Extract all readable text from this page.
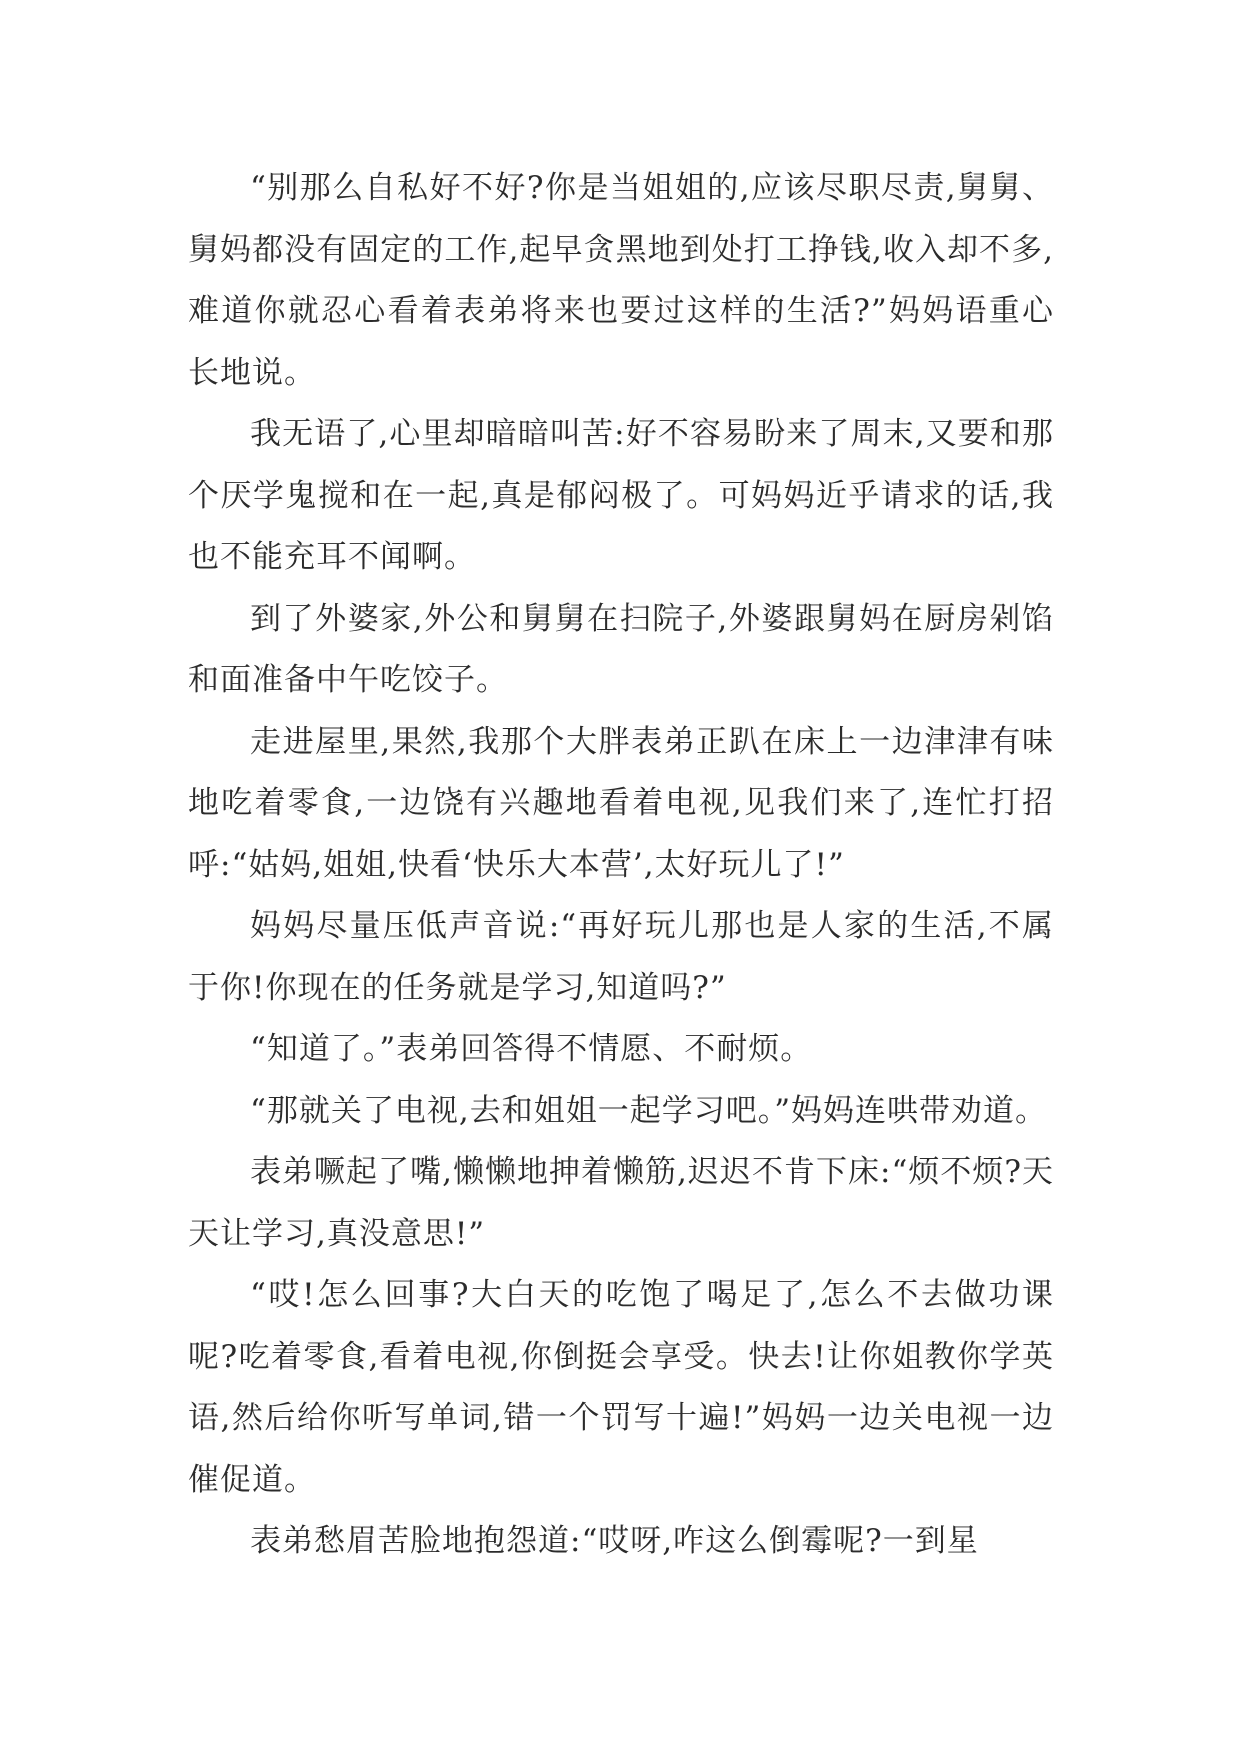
“别那么自私好不好?你是当姐姐的,应该尽职尽责,舅舅、舅妈都没有固定的工作,起早贪黑地到处打工挣钱,收入却不多,难道你就忍心看着表弟将来也要过这样的生活?”妈妈语重心长地说。

我无语了,心里却暗暗叫苦:好不容易盼来了周末,又要和那个厌学鬼搅和在一起,真是郁闷极了。可妈妈近乎请求的话,我也不能充耳不闻啊。

到了外婆家,外公和舅舅在扫院子,外婆跟舅妈在厨房剁馅和面准备中午吃饺子。

走进屋里,果然,我那个大胖表弟正趴在床上一边津津有味地吃着零食,一边饶有兴趣地看着电视,见我们来了,连忙打招呼:“姑妈,姐姐,快看‘快乐大本营’,太好玩儿了!”

妈妈尽量压低声音说:“再好玩儿那也是人家的生活,不属于你!你现在的任务就是学习,知道吗?”

“知道了。”表弟回答得不情愿、不耐烦。

“那就关了电视,去和姐姐一起学习吧。”妈妈连哄带劝道。

表弟噘起了嘴,懒懒地抻着懒筋,迟迟不肯下床:“烦不烦?天天让学习,真没意思!”

“哎!怎么回事?大白天的吃饱了喝足了,怎么不去做功课呢?吃着零食,看着电视,你倒挺会享受。快去!让你姐教你学英语,然后给你听写单词,错一个罚写十遍!”妈妈一边关电视一边催促道。

表弟愁眉苦脸地抱怨道:“哎呀,咋这么倒霉呢?一到星
